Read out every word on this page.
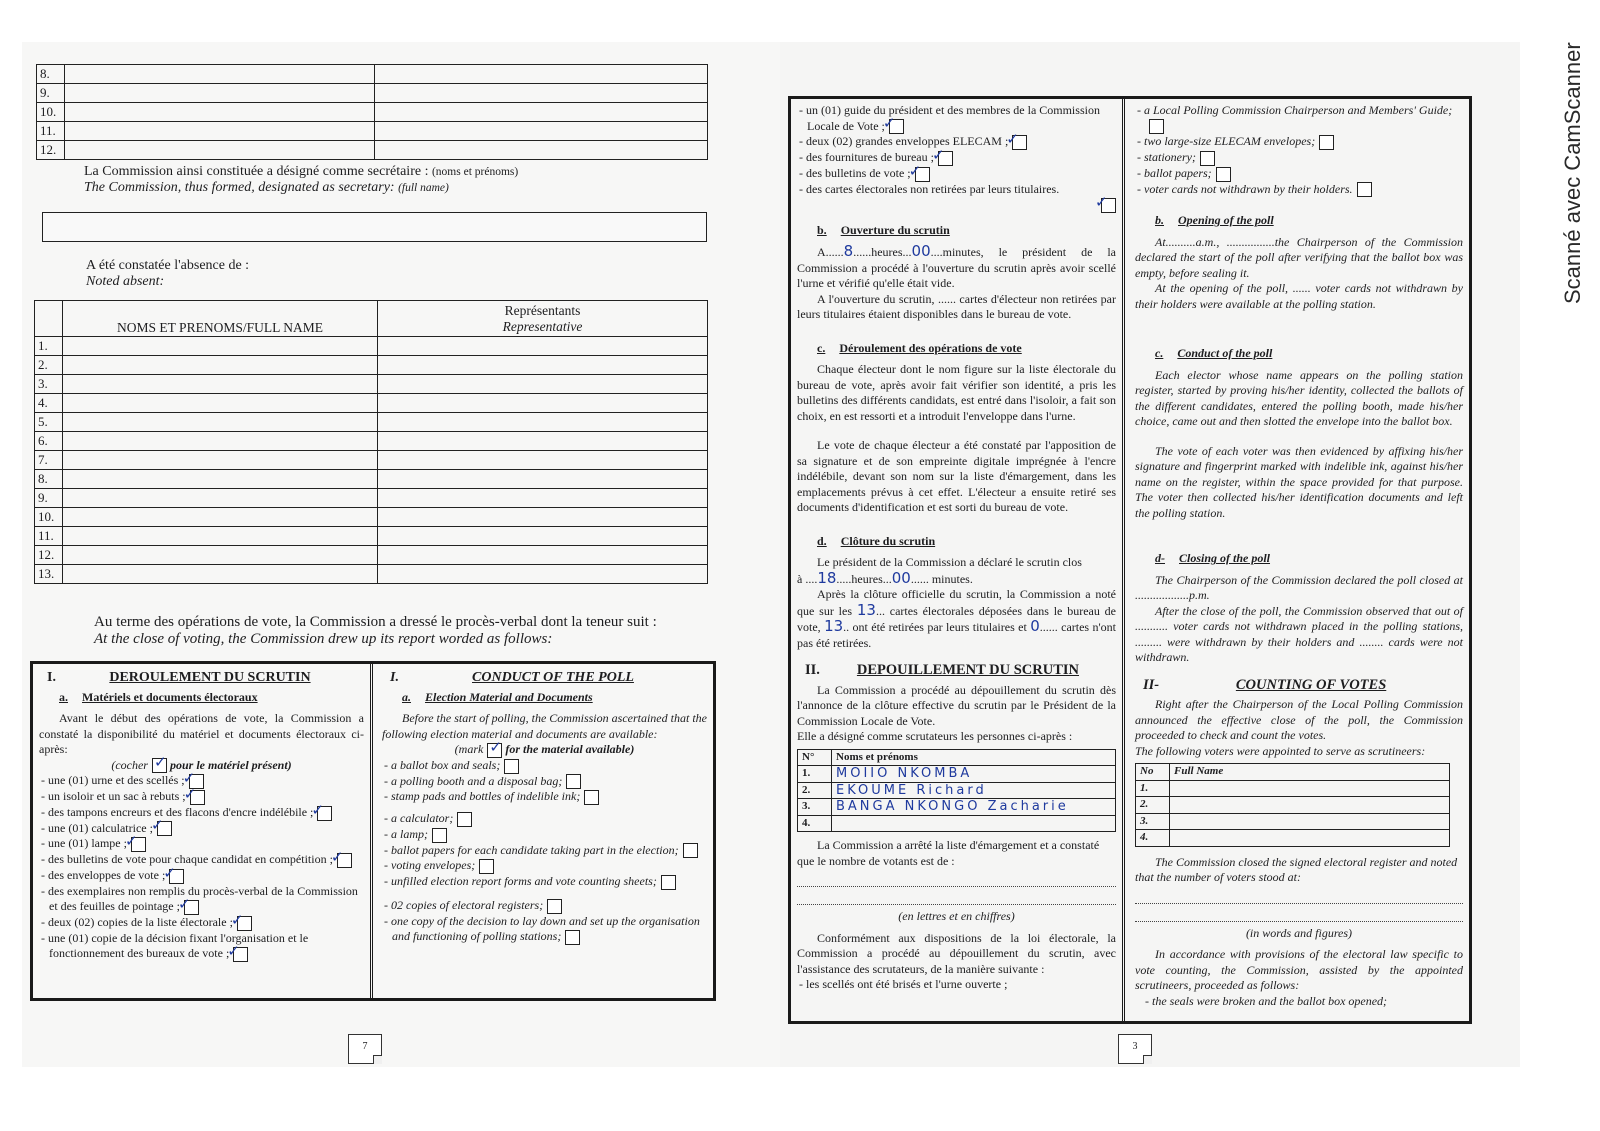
8.		
9.		
10.		
11.		
12.		
La Commission ainsi constituée a désigné comme secrétaire : (noms et prénoms)
The Commission, thus formed, designated as secretary: (full name)
A été constatée l'absence de :
Noted absent:
	NOMS ET PRENOMS/FULL NAME	Représentants
Representative
1.		
2.		
3.		
4.		
5.		
6.		
7.		
8.		
9.		
10.		
11.		
12.		
13.		
Au terme des opérations de vote, la Commission a dressé le procès-verbal dont la teneur suit :
At the close of voting, the Commission drew up its report worded as follows:
I.	DEROULEMENT DU SCRUTIN
a. Matériels et documents électoraux
Avant le début des opérations de vote, la Commission a constaté la disponibilité du matériel et documents électoraux ci-après:
(cocher ✓ pour le matériel présent)
- une (01) urne et des scellés ;✓
- un isoloir et un sac à rebuts ;✓
- des tampons encreurs et des flacons d'encre indélébile ;✓
- une (01) calculatrice ;✓
- une (01) lampe ;✓
- des bulletins de vote pour chaque candidat en compétition ;✓
- des enveloppes de vote ;✓
- des exemplaires non remplis du procès-verbal de la Commission et des feuilles de pointage ;✓
- deux (02) copies de la liste électorale ;✓
- une (01) copie de la décision fixant l'organisation et le fonctionnement des bureaux de vote ;✓
I.	CONDUCT OF THE POLL
a. Election Material and Documents
Before the start of polling, the Commission ascertained that the following election material and documents are available:
(mark ✓ for the material available)
- a ballot box and seals;
- a polling booth and a disposal bag;
- stamp pads and bottles of indelible ink;
- a calculator;
- a lamp;
- ballot papers for each candidate taking part in the election;
- voting envelopes;
- unfilled election report forms and vote counting sheets;
- 02 copies of electoral registers;
- one copy of the decision to lay down and set up the organisation and functioning of polling stations;
7
- un (01) guide du président et des membres de la Commission Locale de Vote ;✓
- deux (02) grandes enveloppes ELECAM ;✓
- des fournitures de bureau ;✓
- des bulletins de vote ;✓
- des cartes électorales non retirées par leurs titulaires.
✓
b. Ouverture du scrutin
A......8......heures...00....minutes, le président de la Commission a procédé à l'ouverture du scrutin après avoir scellé l'urne et vérifié qu'elle était vide.
A l'ouverture du scrutin, ...... cartes d'électeur non retirées par leurs titulaires étaient disponibles dans le bureau de vote.
c. Déroulement des opérations de vote
Chaque électeur dont le nom figure sur la liste électorale du bureau de vote, après avoir fait vérifier son identité, a pris les bulletins des différents candidats, est entré dans l'isoloir, a fait son choix, en est ressorti et a introduit l'enveloppe dans l'urne.
Le vote de chaque électeur a été constaté par l'apposition de sa signature et de son empreinte digitale imprégnée à l'encre indélébile, devant son nom sur la liste d'émargement, dans les emplacements prévus à cet effet. L'électeur a ensuite retiré ses documents d'identification et est sorti du bureau de vote.
d. Clôture du scrutin
Le président de la Commission a déclaré le scrutin clos
à ....18.....heures...00...... minutes.
Après la clôture officielle du scrutin, la Commission a noté que sur les 13... cartes électorales déposées dans le bureau de vote, 13.. ont été retirées par leurs titulaires et 0...... cartes n'ont pas été retirées.
II.	DEPOUILLEMENT DU SCRUTIN
La Commission a procédé au dépouillement du scrutin dès l'annonce de la clôture effective du scrutin par le Président de la Commission Locale de Vote.
Elle a désigné comme scrutateurs les personnes ci-après :
N°	Noms et prénoms
1.	MOIIO NKOMBA
2.	EKOUME Richard
3.	BANGA NKONGO Zacharie
4.	
La Commission a arrêté la liste d'émargement et a constaté que le nombre de votants est de :
(en lettres et en chiffres)
Conformément aux dispositions de la loi électorale, la Commission a procédé au dépouillement du scrutin, avec l'assistance des scrutateurs, de la manière suivante :
- les scellés ont été brisés et l'urne ouverte ;
- a Local Polling Commission Chairperson and Members' Guide;
- two large-size ELECAM envelopes;
- stationery;
- ballot papers;
- voter cards not withdrawn by their holders.
b. Opening of the poll
At..........a.m., ................the Chairperson of the Commission declared the start of the poll after verifying that the ballot box was empty, before sealing it.
At the opening of the poll, ...... voter cards not withdrawn by their holders were available at the polling station.
c. Conduct of the poll
Each elector whose name appears on the polling station register, started by proving his/her identity, collected the ballots of the different candidates, entered the polling booth, made his/her choice, came out and then slotted the envelope into the ballot box.
The vote of each voter was then evidenced by affixing his/her signature and fingerprint marked with indelible ink, against his/her name on the register, within the space provided for that purpose. The voter then collected his/her identification documents and left the polling station.
d- Closing of the poll
The Chairperson of the Commission declared the poll closed at ..................p.m.
After the close of the poll, the Commission observed that out of ........... voter cards not withdrawn placed in the polling stations, ......... were withdrawn by their holders and ........ cards were not withdrawn.
II-	COUNTING OF VOTES
Right after the Chairperson of the Local Polling Commission announced the effective close of the poll, the Commission proceeded to check and count the votes.
The following voters were appointed to serve as scrutineers:
No	Full Name
1.	
2.	
3.	
4.	
The Commission closed the signed electoral register and noted that the number of voters stood at:
(in words and figures)
In accordance with provisions of the electoral law specific to vote counting, the Commission, assisted by the appointed scrutineers, proceeded as follows:
- the seals were broken and the ballot box opened;
3
Scanné avec CamScanner
